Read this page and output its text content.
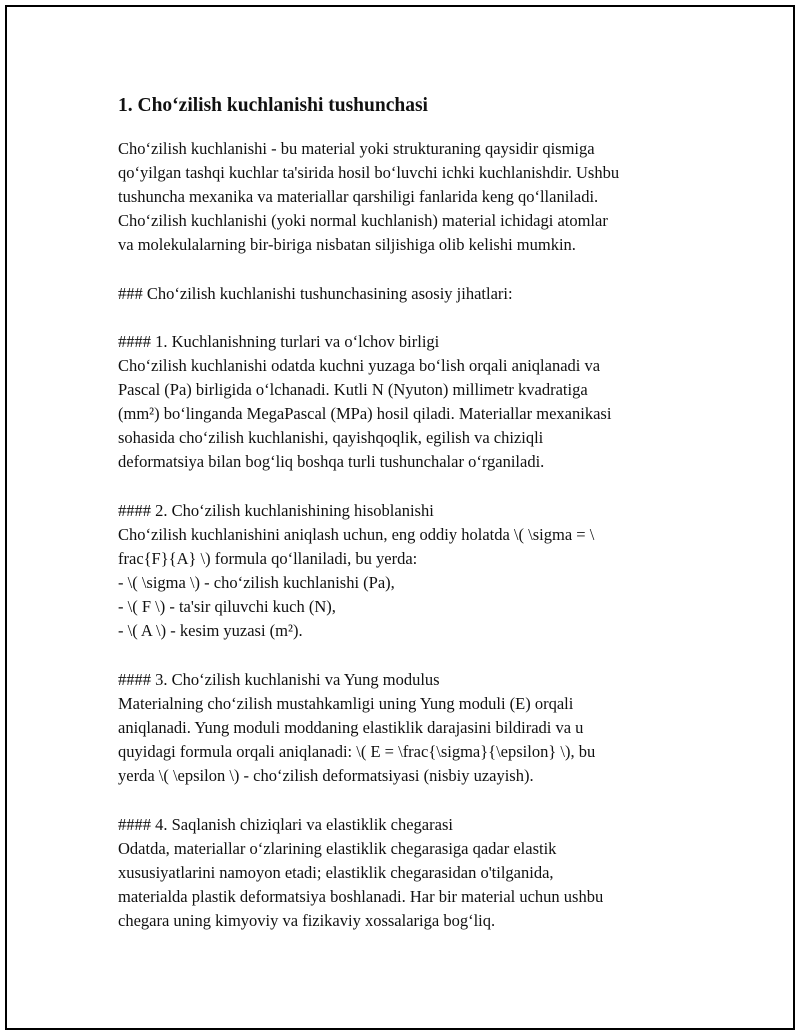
1. Cho‘zilish kuchlanishi tushunchasi
Cho‘zilish kuchlanishi - bu material yoki strukturaning qaysidir qismiga
qo‘yilgan tashqi kuchlar ta'sirida hosil bo‘luvchi ichki kuchlanishdir. Ushbu
tushuncha mexanika va materiallar qarshiligi fanlarida keng qo‘llaniladi.
Cho‘zilish kuchlanishi (yoki normal kuchlanish) material ichidagi atomlar
va molekulalarning bir-biriga nisbatan siljishiga olib kelishi mumkin.
### Cho‘zilish kuchlanishi tushunchasining asosiy jihatlari:
#### 1. Kuchlanishning turlari va o‘lchov birligi
Cho‘zilish kuchlanishi odatda kuchni yuzaga bo‘lish orqali aniqlanadi va
Pascal (Pa) birligida o‘lchanadi. Kutli N (Nyuton) millimetr kvadratiga
(mm²) bo‘linganda MegaPascal (MPa) hosil qiladi. Materiallar mexanikasi
sohasida cho‘zilish kuchlanishi, qayishqoqlik, egilish va chiziqli
deformatsiya bilan bog‘liq boshqa turli tushunchalar o‘rganiladi.
#### 2. Cho‘zilish kuchlanishining hisoblanishi
Cho‘zilish kuchlanishini aniqlash uchun, eng oddiy holatda \( \sigma = \
frac{F}{A} \) formula qo‘llaniladi, bu yerda:
- \( \sigma \) - cho‘zilish kuchlanishi (Pa),
- \( F \) - ta'sir qiluvchi kuch (N),
- \( A \) - kesim yuzasi (m²).
#### 3. Cho‘zilish kuchlanishi va Yung modulus
Materialning cho‘zilish mustahkamligi uning Yung moduli (E) orqali
aniqlanadi. Yung moduli moddaning elastiklik darajasini bildiradi va u
quyidagi formula orqali aniqlanadi: \( E = \frac{\sigma}{\epsilon} \), bu
yerda \( \epsilon \) - cho‘zilish deformatsiyasi (nisbiy uzayish).
#### 4. Saqlanish chiziqlari va elastiklik chegarasi
Odatda, materiallar o‘zlarining elastiklik chegarasiga qadar elastik
xususiyatlarini namoyon etadi; elastiklik chegarasidan o'tilganida,
materialda plastik deformatsiya boshlanadi. Har bir material uchun ushbu
chegara uning kimyoviy va fizikaviy xossalariga bog‘liq.
